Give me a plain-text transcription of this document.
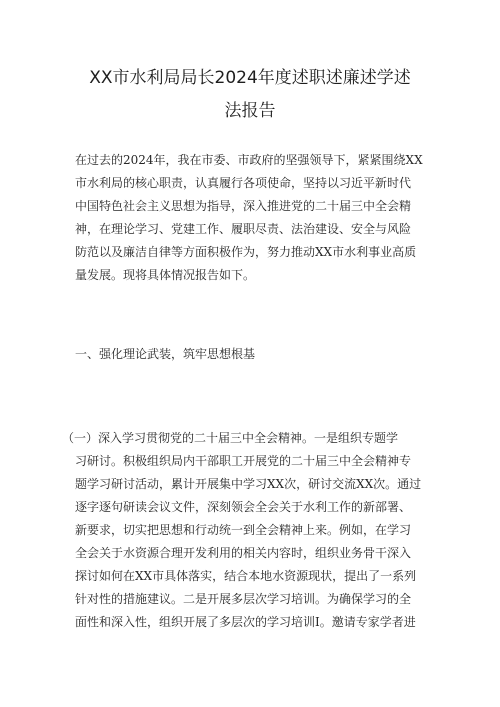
XX市水利局局长2024年度述职述廉述学述
法报告
在过去的2024年，我在市委、市政府的坚强领导下，紧紧围绕XX
市水利局的核心职责，认真履行各项使命，坚持以习近平新时代
中国特色社会主义思想为指导，深入推进党的二十届三中全会精
神，在理论学习、党建工作、履职尽责、法治建设、安全与风险
防范以及廉洁自律等方面积极作为，努力推动XX市水利事业高质
量发展。现将具体情况报告如下。
一、强化理论武装，筑牢思想根基
（一）深入学习贯彻党的二十届三中全会精神。一是组织专题学
习研讨。积极组织局内干部职工开展党的二十届三中全会精神专
题学习研讨活动，累计开展集中学习XX次，研讨交流XX次。通过
逐字逐句研读会议文件，深刻领会全会关于水利工作的新部署、
新要求，切实把思想和行动统一到全会精神上来。例如，在学习
全会关于水资源合理开发利用的相关内容时，组织业务骨干深入
探讨如何在XX市具体落实，结合本地水资源现状，提出了一系列
针对性的措施建议。二是开展多层次学习培训。为确保学习的全
面性和深入性，组织开展了多层次的学习培训I。邀请专家学者进
